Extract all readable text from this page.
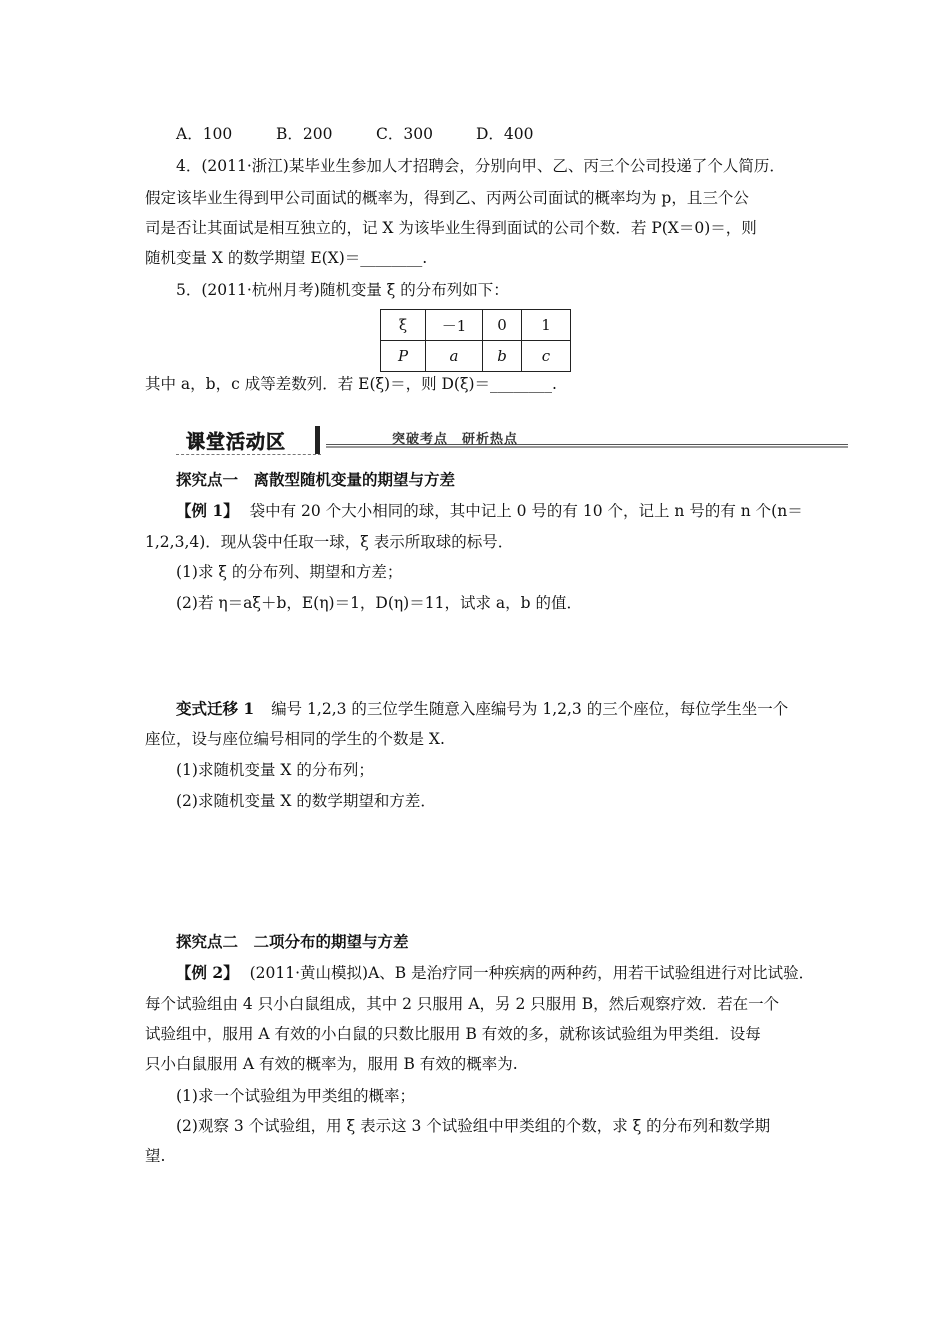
A．100	B．200	C．300	D．400
4．(2011·浙江)某毕业生参加人才招聘会，分别向甲、乙、丙三个公司投递了个人简历．
假定该毕业生得到甲公司面试的概率为，得到乙、丙两公司面试的概率均为 p，且三个公
司是否让其面试是相互独立的，记 X 为该毕业生得到面试的公司个数．若 P(X＝0)＝，则
随机变量 X 的数学期望 E(X)＝________.
5．(2011·杭州月考)随机变量 ξ 的分布列如下：
ξ	－1	0	1
P	a	b	c
其中 a，b，c 成等差数列．若 E(ξ)＝，则 D(ξ)＝________.
课堂活动区	突破考点　研析热点
探究点一　离散型随机变量的期望与方差
【例 1】 袋中有 20 个大小相同的球，其中记上 0 号的有 10 个，记上 n 号的有 n 个(n＝
1,2,3,4)．现从袋中任取一球，ξ 表示所取球的标号．
(1)求 ξ 的分布列、期望和方差；
(2)若 η＝aξ＋b，E(η)＝1，D(η)＝11，试求 a，b 的值．
变式迁移 1 编号 1,2,3 的三位学生随意入座编号为 1,2,3 的三个座位，每位学生坐一个
座位，设与座位编号相同的学生的个数是 X.
(1)求随机变量 X 的分布列；
(2)求随机变量 X 的数学期望和方差．
探究点二　二项分布的期望与方差
【例 2】 (2011·黄山模拟)A、B 是治疗同一种疾病的两种药，用若干试验组进行对比试验．
每个试验组由 4 只小白鼠组成，其中 2 只服用 A，另 2 只服用 B，然后观察疗效．若在一个
试验组中，服用 A 有效的小白鼠的只数比服用 B 有效的多，就称该试验组为甲类组．设每
只小白鼠服用 A 有效的概率为，服用 B 有效的概率为.
(1)求一个试验组为甲类组的概率；
(2)观察 3 个试验组，用 ξ 表示这 3 个试验组中甲类组的个数，求 ξ 的分布列和数学期
望.
